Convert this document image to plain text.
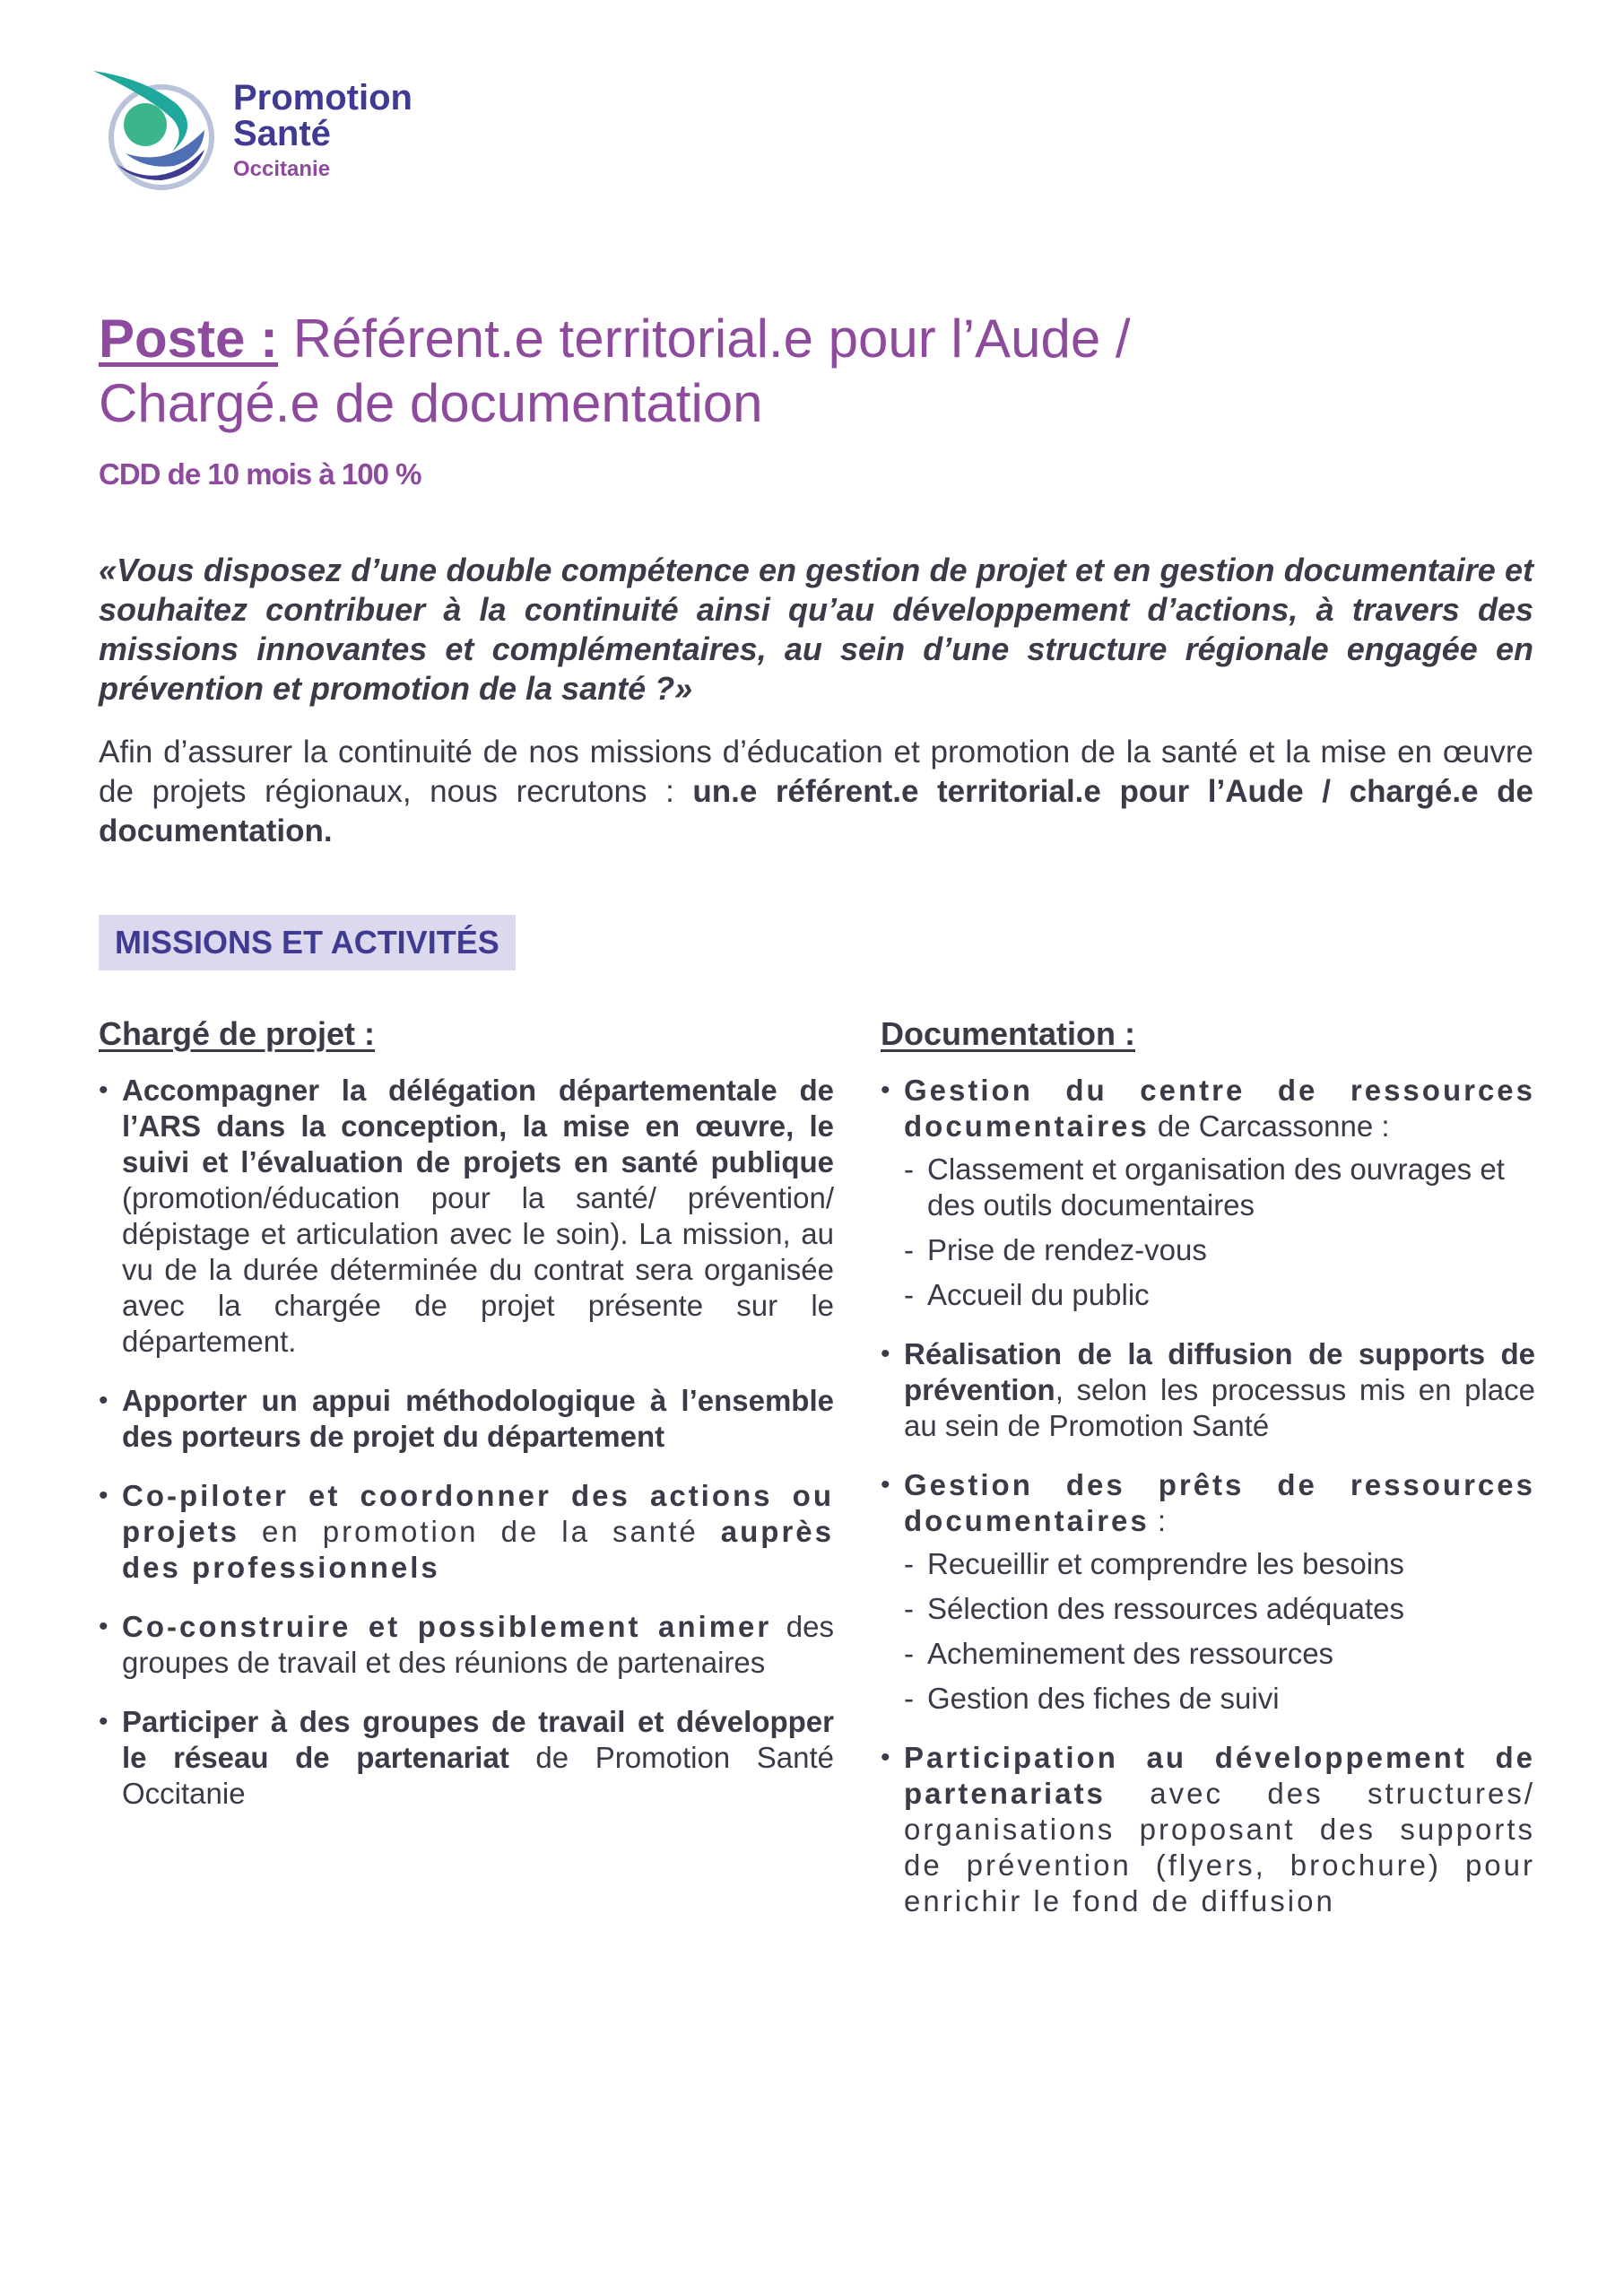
Promotion
Santé
Occitanie
Poste : Référent.e territorial.e pour l’Aude / Chargé.e de documentation
CDD de 10 mois à 100 %

«Vous disposez d’une double compétence en gestion de projet et en gestion documentaire et souhaitez contribuer à la continuité ainsi qu’au développement d’actions, à travers des missions innovantes et complémentaires, au sein d’une structure régionale engagée en prévention et promotion de la santé ?»

Afin d’assurer la continuité de nos missions d’éducation et promotion de la santé et la mise en œuvre de projets régionaux, nous recrutons : un.e référent.e territorial.e pour l’Aude / chargé.e de documentation.

MISSIONS ET ACTIVITÉS
Chargé de projet :
• Accompagner la délégation départementale de l’ARS dans la conception, la mise en œuvre, le suivi et l’évaluation de projets en santé publique (promotion/éducation pour la santé/ prévention/ dépistage et articulation avec le soin). La mission, au vu de la durée déterminée du contrat sera organisée avec la chargée de projet présente sur le département.
• Apporter un appui méthodologique à l’ensemble des porteurs de projet du département
• Co-piloter et coordonner des actions ou projets en promotion de la santé auprès des professionnels
• Co-construire et possiblement animer des groupes de travail et des réunions de partenaires
• Participer à des groupes de travail et développer le réseau de partenariat de Promotion Santé Occitanie
Documentation :
• Gestion du centre de ressources documentaires de Carcassonne :
- Classement et organisation des ouvrages et des outils documentaires
- Prise de rendez-vous
- Accueil du public
• Réalisation de la diffusion de supports de prévention, selon les processus mis en place au sein de Promotion Santé
• Gestion des prêts de ressources documentaires :
- Recueillir et comprendre les besoins
- Sélection des ressources adéquates
- Acheminement des ressources
- Gestion des fiches de suivi
• Participation au développement de partenariats avec des structures/ organisations proposant des supports de prévention (flyers, brochure) pour enrichir le fond de diffusion
